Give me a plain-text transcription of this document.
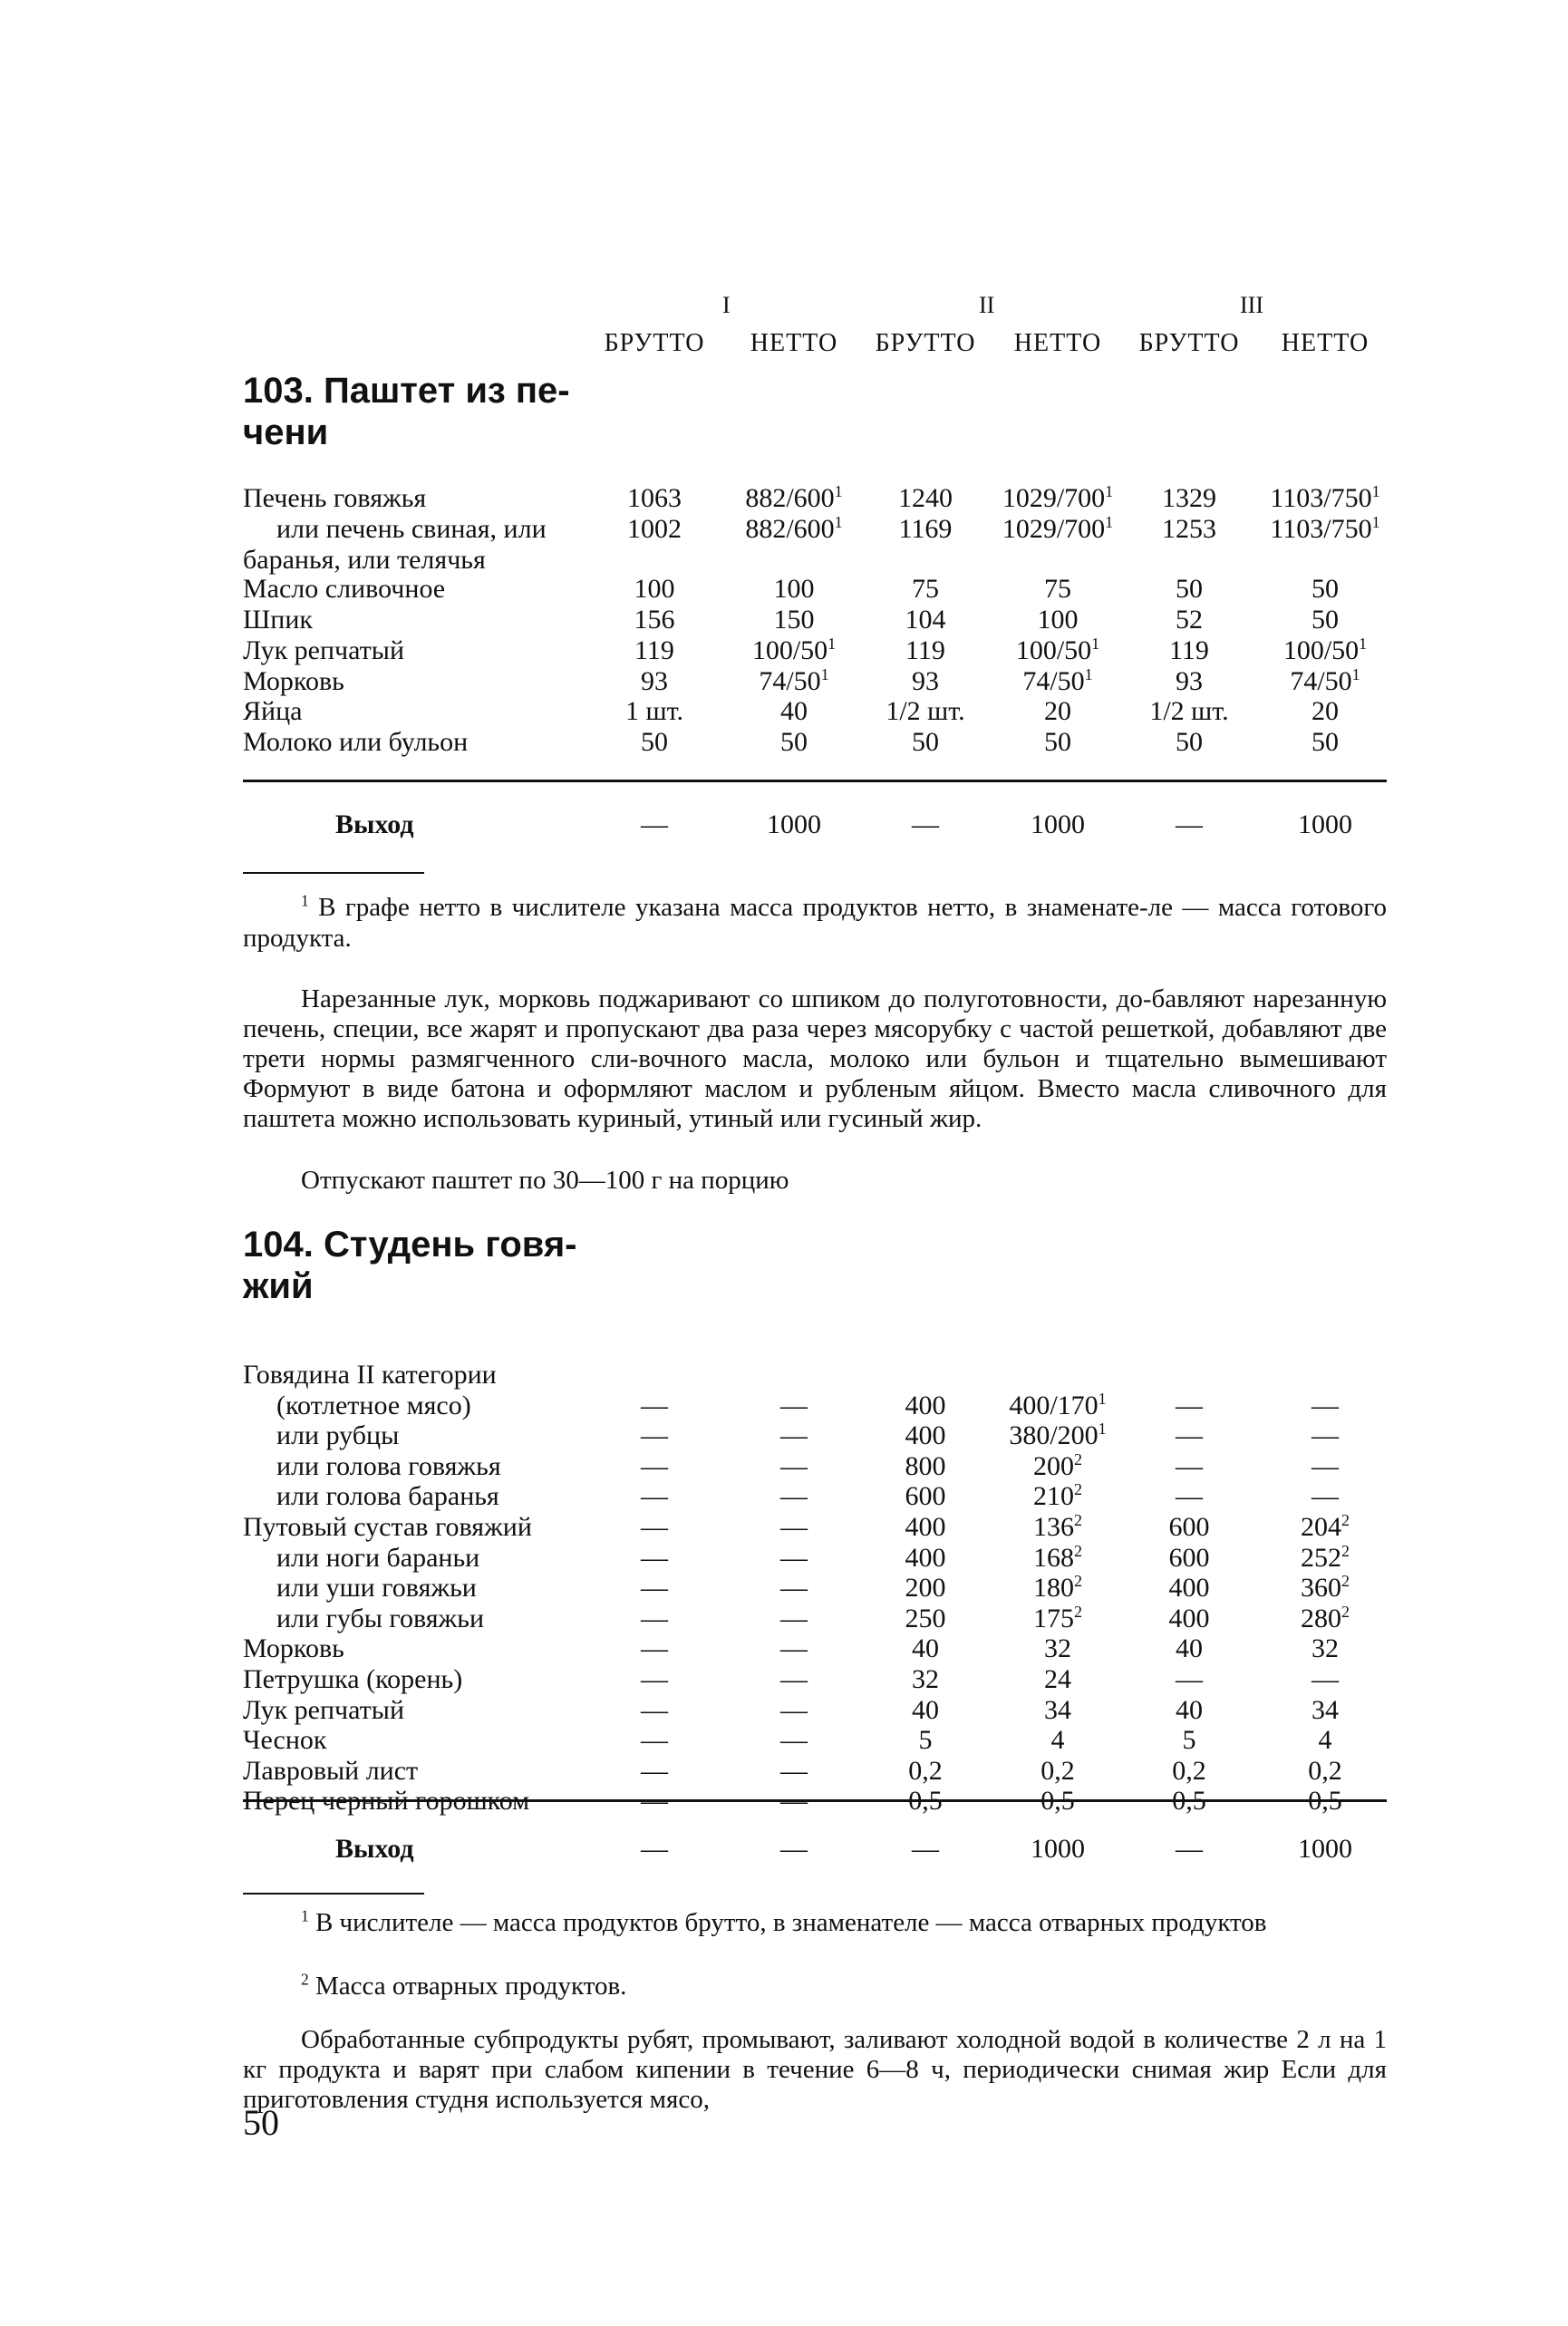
I	II	III
БРУТТО	НЕТТО	БРУТТО	НЕТТО	БРУТТО	НЕТТО
103. Паштет из пе-
чени
Печень говяжья	1063	$882/600^1$	1240	$1029/700^1$	1329	$1103/750^1$
или печень свиная, или	1002	$882/600^1$	1169	$1029/700^1$	1253	$1103/750^1$
баранья, или телячья
Масло сливочное	100	100	75	75	50	50
Шпик	156	150	104	100	52	50
Лук репчатый	119	$100/50^1$	119	$100/50^1$	119	$100/50^1$
Морковь	93	$74/50^1$	93	$74/50^1$	93	$74/50^1$
Яйца	1 шт.	40	1/2 шт.	20	1/2 шт.	20
Молоко или бульон	50	50	50	50	50	50
Выход	—	1000	—	1000	—	1000
$^1$ В графе нетто в числителе указана масса продуктов нетто, в знаменате-ле — масса готового продукта.
Нарезанные лук, морковь поджаривают со шпиком до полуготовности, до-бавляют нарезанную печень, специи, все жарят и пропускают два раза через мясорубку с частой решеткой, добавляют две трети нормы размягченного сли-вочного масла, молоко или бульон и тщательно вымешивают Формуют в виде батона и оформляют маслом и рубленым яйцом. Вместо масла сливочного для паштета можно использовать куриный, утиный или гусиный жир.
Отпускают паштет по 30—100 г на порцию
104. Студень говя-
жий
Говядина II категории
(котлетное мясо)	—	—	400	$400/170^1$	—	—
или рубцы	—	—	400	$380/200^1$	—	—
или голова говяжья	—	—	800	$200^2$	—	—
или голова баранья	—	—	600	$210^2$	—	—
Путовый сустав говяжий	—	—	400	$136^2$	600	$204^2$
или ноги бараньи	—	—	400	$168^2$	600	$252^2$
или уши говяжьи	—	—	200	$180^2$	400	$360^2$
или губы говяжьи	—	—	250	$175^2$	400	$280^2$
Морковь	—	—	40	32	40	32
Петрушка (корень)	—	—	32	24	—	—
Лук репчатый	—	—	40	34	40	34
Чеснок	—	—	5	4	5	4
Лавровый лист	—	—	0,2	0,2	0,2	0,2
Перец черный горошком	—	—	0,5	0,5	0,5	0,5
Выход	—	—	—	1000	—	1000
$^1$ В числителе — масса продуктов брутто, в знаменателе — масса отварных продуктов
$^2$ Масса отварных продуктов.
Обработанные субпродукты рубят, промывают, заливают холодной водой в количестве 2 л на 1 кг продукта и варят при слабом кипении в течение 6—8 ч, периодически снимая жир Если для приготовления студня используется мясо,
50
